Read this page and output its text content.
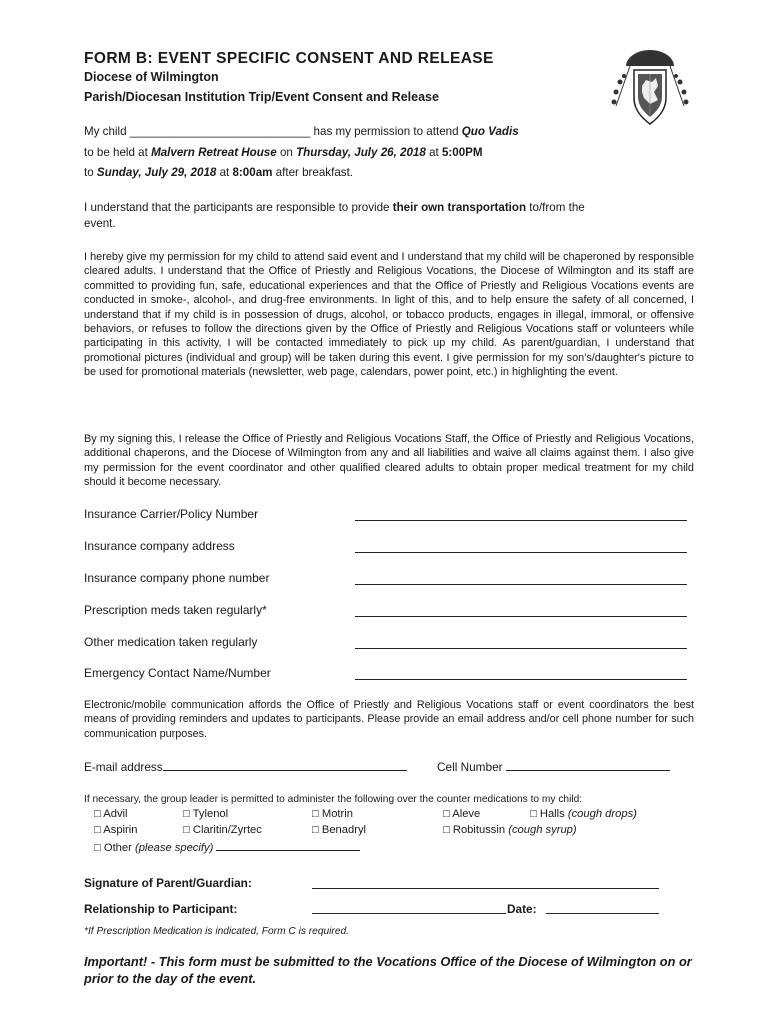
FORM B: EVENT SPECIFIC CONSENT AND RELEASE
Diocese of Wilmington
Parish/Diocesan Institution Trip/Event Consent and Release
My child ____________________________ has my permission to attend Quo Vadis
to be held at Malvern Retreat House on Thursday, July 26, 2018 at 5:00PM
to Sunday, July 29, 2018 at 8:00am after breakfast.
I understand that the participants are responsible to provide their own transportation to/from the
event.
I hereby give my permission for my child to attend said event and I understand that my child will be chaperoned by responsible cleared adults. I understand that the Office of Priestly and Religious Vocations, the Diocese of Wilmington and its staff are committed to providing fun, safe, educational experiences and that the Office of Priestly and Religious Vocations events are conducted in smoke-, alcohol-, and drug-free environments. In light of this, and to help ensure the safety of all concerned, I understand that if my child is in possession of drugs, alcohol, or tobacco products, engages in illegal, immoral, or offensive behaviors, or refuses to follow the directions given by the Office of Priestly and Religious Vocations staff or volunteers while participating in this activity, I will be contacted immediately to pick up my child. As parent/guardian, I understand that promotional pictures (individual and group) will be taken during this event. I give permission for my son's/daughter's picture to be used for promotional materials (newsletter, web page, calendars, power point, etc.) in highlighting the event.
By my signing this, I release the Office of Priestly and Religious Vocations Staff, the Office of Priestly and Religious Vocations, additional chaperons, and the Diocese of Wilmington from any and all liabilities and waive all claims against them. I also give my permission for the event coordinator and other qualified cleared adults to obtain proper medical treatment for my child should it become necessary.
Insurance Carrier/Policy Number
Insurance company address
Insurance company phone number
Prescription meds taken regularly*
Other medication taken regularly
Emergency Contact Name/Number
Electronic/mobile communication affords the Office of Priestly and Religious Vocations staff or event coordinators the best means of providing reminders and updates to participants. Please provide an email address and/or cell phone number for such communication purposes.
E-mail address	Cell Number
If necessary, the group leader is permitted to administer the following over the counter medications to my child:
□ Advil	□ Tylenol	□ Motrin	□ Aleve	□ Halls (cough drops)
□ Aspirin	□ Claritin/Zyrtec	□ Benadryl	□ Robitussin (cough syrup)
□ Other (please specify)
Signature of Parent/Guardian:
Relationship to Participant:	Date:
*If Prescription Medication is indicated, Form C is required.
Important! - This form must be submitted to the Vocations Office of the Diocese of Wilmington on or prior to the day of the event.
